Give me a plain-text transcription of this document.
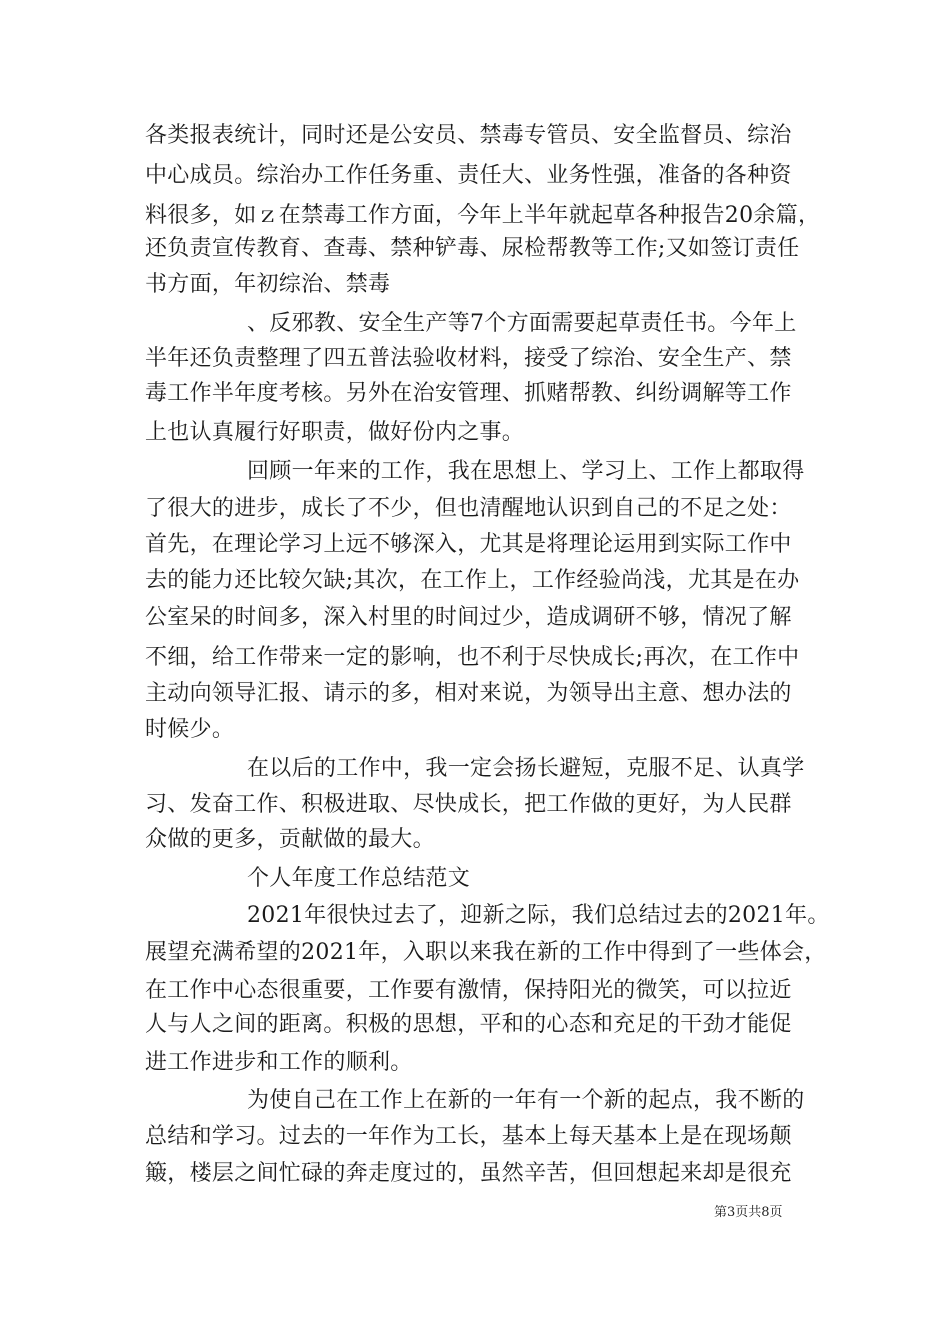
各类报表统计，同时还是公安员、禁毒专管员、安全监督员、综治
中心成员。综治办工作任务重、责任大、业务性强，准备的各种资
料很多，如ｚ在禁毒工作方面，今年上半年就起草各种报告20余篇，
还负责宣传教育、查毒、禁种铲毒、尿检帮教等工作;又如签订责任
书方面，年初综治、禁毒
、反邪教、安全生产等7个方面需要起草责任书。今年上
半年还负责整理了四五普法验收材料，接受了综治、安全生产、禁
毒工作半年度考核。另外在治安管理、抓赌帮教、纠纷调解等工作
上也认真履行好职责，做好份内之事。
回顾一年来的工作，我在思想上、学习上、工作上都取得
了很大的进步，成长了不少，但也清醒地认识到自己的不足之处：
首先，在理论学习上远不够深入，尤其是将理论运用到实际工作中
去的能力还比较欠缺;其次，在工作上，工作经验尚浅，尤其是在办
公室呆的时间多，深入村里的时间过少，造成调研不够，情况了解
不细，给工作带来一定的影响，也不利于尽快成长;再次，在工作中
主动向领导汇报、请示的多，相对来说，为领导出主意、想办法的
时候少。
在以后的工作中，我一定会扬长避短，克服不足、认真学
习、发奋工作、积极进取、尽快成长，把工作做的更好，为人民群
众做的更多，贡献做的最大。
个人年度工作总结范文
2021年很快过去了，迎新之际，我们总结过去的2021年。
展望充满希望的2021年，入职以来我在新的工作中得到了一些体会，
在工作中心态很重要，工作要有激情，保持阳光的微笑，可以拉近
人与人之间的距离。积极的思想，平和的心态和充足的干劲才能促
进工作进步和工作的顺利。
为使自己在工作上在新的一年有一个新的起点，我不断的
总结和学习。过去的一年作为工长，基本上每天基本上是在现场颠
簸，楼层之间忙碌的奔走度过的，虽然辛苦，但回想起来却是很充
第3页共8页
